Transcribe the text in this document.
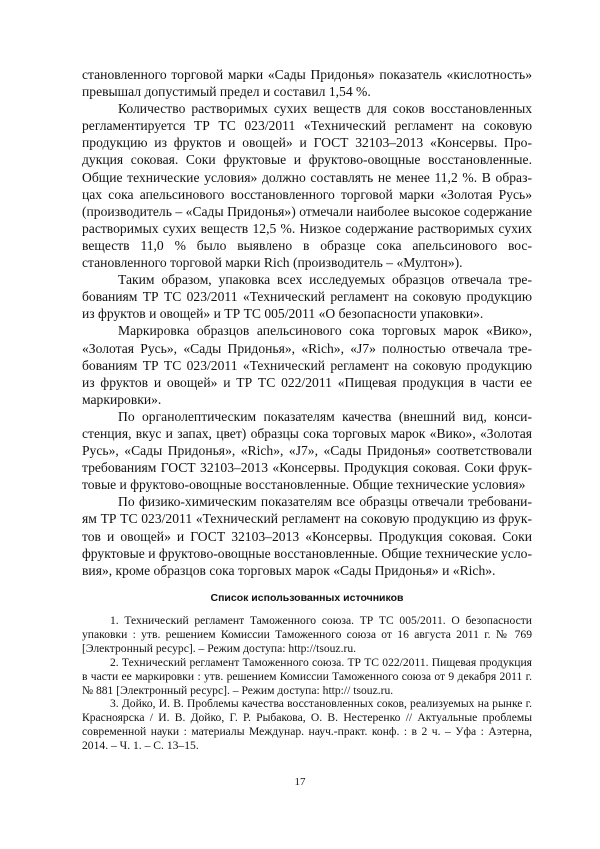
становленного торговой марки «Сады Придонья» показатель «кислотность» превышал допустимый предел и составил 1,54 %.

Количество растворимых сухих веществ для соков восстановленных регламентируется ТР ТС 023/2011 «Технический регламент на соковую продукцию из фруктов и овощей» и ГОСТ 32103–2013 «Консервы. Продукция соковая. Соки фруктовые и фруктово-овощные восстановленные. Общие технические условия» должно составлять не менее 11,2 %. В образцах сока апельсинового восстановленного торговой марки «Золотая Русь» (производитель – «Сады Придонья») отмечали наиболее высокое содержание растворимых сухих веществ 12,5 %. Низкое содержание растворимых сухих веществ 11,0 % было выявлено в образце сока апельсинового восстановленного торговой марки Rich (производитель – «Мултон»).

Таким образом, упаковка всех исследуемых образцов отвечала требованиям ТР ТС 023/2011 «Технический регламент на соковую продукцию из фруктов и овощей» и ТР ТС 005/2011 «О безопасности упаковки».

Маркировка образцов апельсинового сока торговых марок «Вико», «Золотая Русь», «Сады Придонья», «Rich», «J7» полностью отвечала требованиям ТР ТС 023/2011 «Технический регламент на соковую продукцию из фруктов и овощей» и ТР ТС 022/2011 «Пищевая продукция в части ее маркировки».

По органолептическим показателям качества (внешний вид, консистенция, вкус и запах, цвет) образцы сока торговых марок «Вико», «Золотая Русь», «Сады Придонья», «Rich», «J7», «Сады Придонья» соответствовали требованиям ГОСТ 32103–2013 «Консервы. Продукция соковая. Соки фруктовые и фруктово-овощные восстановленные. Общие технические условия»

По физико-химическим показателям все образцы отвечали требованиям ТР ТС 023/2011 «Технический регламент на соковую продукцию из фруктов и овощей» и ГОСТ 32103–2013 «Консервы. Продукция соковая. Соки фруктовые и фруктово-овощные восстановленные. Общие технические условия», кроме образцов сока торговых марок «Сады Придонья» и «Rich».

Список использованных источников

1. Технический регламент Таможенного союза. ТР ТС 005/2011. О безопасности упаковки : утв. решением Комиссии Таможенного союза от 16 августа 2011 г. № 769 [Электронный ресурс]. – Режим доступа: http://tsouz.ru.

2. Технический регламент Таможенного союза. ТР ТС 022/2011. Пищевая продукция в части ее маркировки : утв. решением Комиссии Таможенного союза от 9 декабря 2011 г. № 881 [Электронный ресурс]. – Режим доступа: http:// tsouz.ru.

3. Дойко, И. В. Проблемы качества восстановленных соков, реализуемых на рынке г. Красноярска / И. В. Дойко, Г. Р. Рыбакова, О. В. Нестеренко // Актуальные проблемы современной науки : материалы Междунар. науч.-практ. конф. : в 2 ч. – Уфа : Аэтерна, 2014. – Ч. 1. – С. 13–15.

17
